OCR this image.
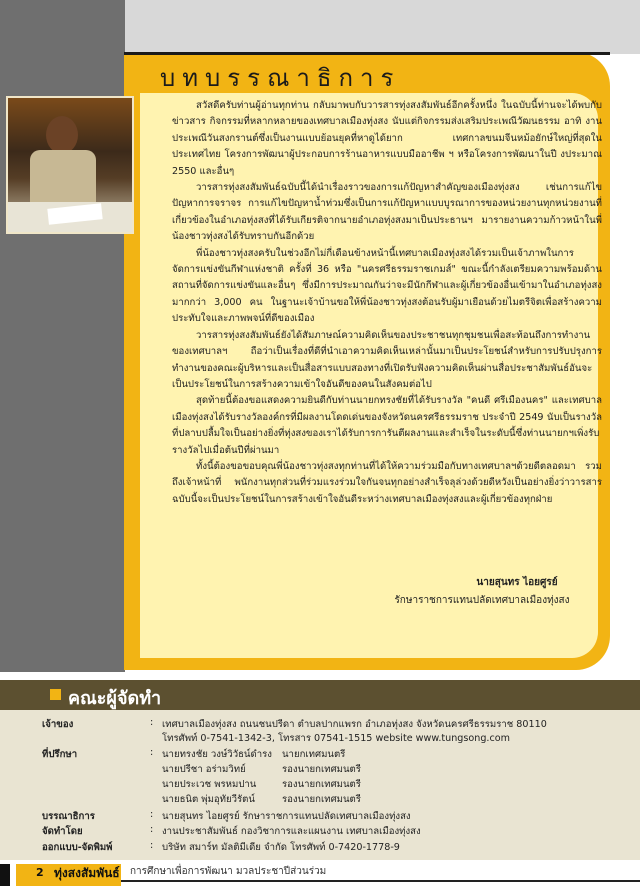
บทบรรณาธิการ

สวัสดีครับท่านผู้อ่านทุกท่าน กลับมาพบกับวารสารทุ่งสงสัมพันธ์อีกครั้งหนึ่ง ในฉบับนี้ท่านจะได้พบกับข่าวสาร กิจกรรมที่หลากหลายของเทศบาลเมืองทุ่งสง นับแต่กิจกรรมส่งเสริมประเพณีวัฒนธรรม อาทิ งานประเพณีวันสงกรานต์ซึ่งเป็นงานแบบย้อนยุคที่หาดูได้ยาก เทศกาลขนมจีนหม้อยักษ์ใหญ่ที่สุดในประเทศไทย โครงการพัฒนาผู้ประกอบการร้านอาหารแบบมืออาชีพ ฯ หรือโครงการพัฒนาในปี งประมาณ 2550 และอื่นๆ

วารสารทุ่งสงสัมพันธ์ฉบับนี้ได้นำเรื่องราวของการแก้ปัญหาสำคัญของเมืองทุ่งสง เช่นการแก้ไขปัญหาการจราจร การแก้ไขปัญหาน้ำท่วมซึ่งเป็นการแก้ปัญหาแบบบูรณาการของหน่วยงานทุกหน่วยงานที่เกี่ยวข้องในอำเภอทุ่งสงที่ได้รับเกียรติจากนายอำเภอทุ่งสงมาเป็นประธานฯ มารายงานความก้าวหน้าในพี่น้องชาวทุ่งสงได้รับทราบกันอีกด้วย

พี่น้องชาวทุ่งสงครับในช่วงอีกไม่กี่เดือนข้างหน้านี้เทศบาลเมืองทุ่งสงได้รวมเป็นเจ้าภาพในการจัดการแข่งขันกีฬาแห่งชาติ ครั้งที่ 36 หรือ "นครศรีธรรมราชเกมส์" ขณะนี้กำลังเตรียมความพร้อมด้านสถานที่จัดการแข่งขันและอื่นๆ ซึ่งมีการประมาณกันว่าจะมีนักกีฬาและผู้เกี่ยวข้องอื่นเข้ามาในอำเภอทุ่งสงมากกว่า 3,000 คน ในฐานะเจ้าบ้านขอให้พี่น้องชาวทุ่งสงต้อนรับผู้มาเยือนด้วยไมตรีจิตเพื่อสร้างความประทับใจและภาพพจน์ที่ดีของเมือง

วารสารทุ่งสงสัมพันธ์ยังได้สัมภาษณ์ความคิดเห็นของประชาชนทุกชุมชนเพื่อสะท้อนถึงการทำงานของเทศบาลฯ ถือว่าเป็นเรื่องที่ดีที่นำเอาความคิดเห็นเหล่านั้นมาเป็นประโยชน์สำหรับการปรับปรุงการทำงานของคณะผู้บริหารและเป็นสื่อสารแบบสองทางที่เปิดรับฟังความคิดเห็นผ่านสื่อประชาสัมพันธ์อันจะเป็นประโยชน์ในการสร้างความเข้าใจอันดีของคนในสังคมต่อไป

สุดท้ายนี้ต้องขอแสดงความยินดีกับท่านนายกทรงชัยที่ได้รับรางวัล "คนดี ศรีเมืองนคร" และเทศบาลเมืองทุ่งสงได้รับรางวัลองค์กรที่มีผลงานโดดเด่นของจังหวัดนครศรีธรรมราช ประจำปี 2549 นับเป็นรางวัลที่ปลาบปลื้มใจเป็นอย่างยิ่งที่ทุ่งสงของเราได้รับการการันตีผลงานและสำเร็จในระดับนี้ซึ่งท่านนายกฯเพิ่งรับรางวัลไปเมื่อต้นปีที่ผ่านมา

ทั้งนี้ต้องขอขอบคุณพี่น้องชาวทุ่งสงทุกท่านที่ได้ให้ความร่วมมือกับทางเทศบาลฯด้วยดีตลอดมา รวมถึงเจ้าหน้าที่ พนักงานทุกส่วนที่ร่วมแรงร่วมใจกันจนทุกอย่างสำเร็จลุล่วงด้วยดีหวังเป็นอย่างยิ่งว่าวารสารฉบับนี้จะเป็นประโยชน์ในการสร้างเข้าใจอันดีระหว่างเทศบาลเมืองทุ่งสงและผู้เกี่ยวข้องทุกฝ่าย

นายสุนทร ไอยศูรย์
รักษาราชการแทนปลัดเทศบาลเมืองทุ่งสง
คณะผู้จัดทำ
เจ้าของ	: เทศบาลเมืองทุ่งสง ถนนชนปรีดา ตำบลปากแพรก อำเภอทุ่งสง จังหวัดนครศรีธรรมราช 80110
โทรศัพท์ 0-7541-1342-3, โทรสาร 07541-1515 website www.tungsong.com
ที่ปรึกษา	: นายทรงชัย วงษ์วิวัธน์ดำรง นายกเทศมนตรี
นายปรีชา อร่ามวิทย์	รองนายกเทศมนตรี
นายประเวช พรหมปาน	รองนายกเทศมนตรี
นายธนิต พุ่มอุทัยวีรัตน์	รองนายกเทศมนตรี
บรรณาธิการ	: นายสุนทร ไอยศูรย์ รักษาราชการแทนปลัดเทศบาลเมืองทุ่งสง
จัดทำโดย	: งานประชาสัมพันธ์ กองวิชาการและแผนงาน เทศบาลเมืองทุ่งสง
ออกแบบ-จัดพิมพ์	: บริษัท สมาร์ท มัลติมีเดีย จำกัด โทรศัพท์ 0-7420-1778-9
2 ทุ่งสงสัมพันธ์ การศึกษาเพื่อการพัฒนา มวลประชาปีส่วนร่วม
